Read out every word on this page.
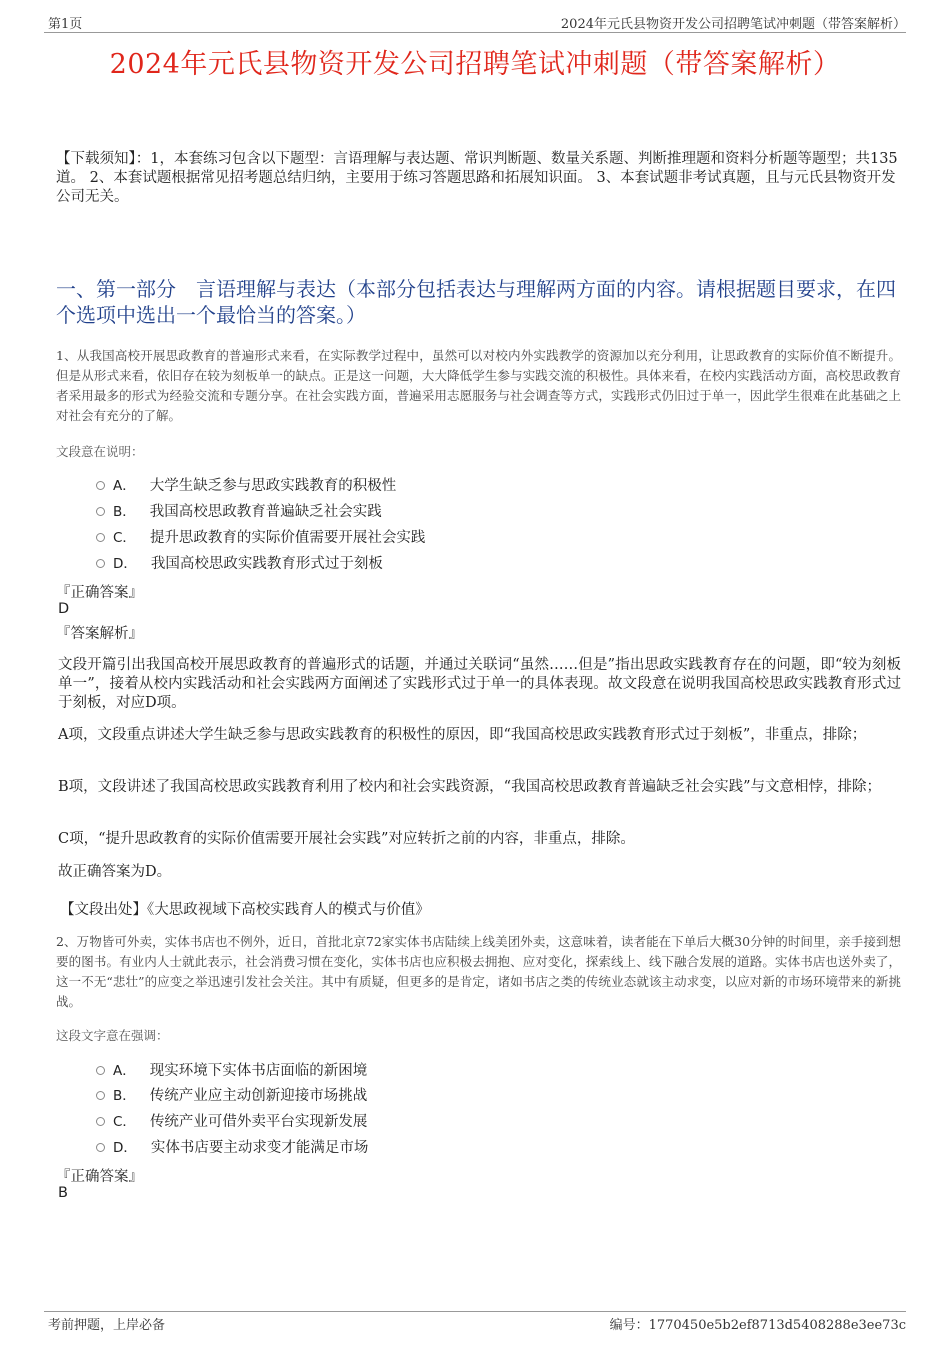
第1页	2024年元氏县物资开发公司招聘笔试冲刺题（带答案解析）
2024年元氏县物资开发公司招聘笔试冲刺题（带答案解析）
【下载须知】：1，本套练习包含以下题型：言语理解与表达题、常识判断题、数量关系题、判断推理题和资料分析题等题型；共135道。 2、本套试题根据常见招考题总结归纳，主要用于练习答题思路和拓展知识面。 3、本套试题非考试真题，且与元氏县物资开发公司无关。
一、第一部分　言语理解与表达（本部分包括表达与理解两方面的内容。请根据题目要求，在四个选项中选出一个最恰当的答案。）
1、从我国高校开展思政教育的普遍形式来看，在实际教学过程中，虽然可以对校内外实践教学的资源加以充分利用，让思政教育的实际价值不断提升。但是从形式来看，依旧存在较为刻板单一的缺点。正是这一问题，大大降低学生参与实践交流的积极性。具体来看，在校内实践活动方面，高校思政教育者采用最多的形式为经验交流和专题分享。在社会实践方面，普遍采用志愿服务与社会调查等方式，实践形式仍旧过于单一，因此学生很难在此基础之上对社会有充分的了解。
文段意在说明：
A． 大学生缺乏参与思政实践教育的积极性
B． 我国高校思政教育普遍缺乏社会实践
C． 提升思政教育的实际价值需要开展社会实践
D． 我国高校思政实践教育形式过于刻板
『正确答案』
D
『答案解析』
文段开篇引出我国高校开展思政教育的普遍形式的话题，并通过关联词“虽然……但是”指出思政实践教育存在的问题，即“较为刻板单一”，接着从校内实践活动和社会实践两方面阐述了实践形式过于单一的具体表现。故文段意在说明我国高校思政实践教育形式过于刻板，对应D项。
A项，文段重点讲述大学生缺乏参与思政实践教育的积极性的原因，即“我国高校思政实践教育形式过于刻板”，非重点，排除；
B项，文段讲述了我国高校思政实践教育利用了校内和社会实践资源，“我国高校思政教育普遍缺乏社会实践”与文意相悖，排除；
C项，“提升思政教育的实际价值需要开展社会实践”对应转折之前的内容，非重点，排除。
故正确答案为D。
【文段出处】《大思政视域下高校实践育人的模式与价值》
2、万物皆可外卖，实体书店也不例外，近日，首批北京72家实体书店陆续上线美团外卖，这意味着，读者能在下单后大概30分钟的时间里，亲手接到想要的图书。有业内人士就此表示，社会消费习惯在变化，实体书店也应积极去拥抱、应对变化，探索线上、线下融合发展的道路。实体书店也送外卖了，这一不无“悲壮”的应变之举迅速引发社会关注。其中有质疑，但更多的是肯定，诸如书店之类的传统业态就该主动求变，以应对新的市场环境带来的新挑战。
这段文字意在强调：
A． 现实环境下实体书店面临的新困境
B． 传统产业应主动创新迎接市场挑战
C． 传统产业可借外卖平台实现新发展
D． 实体书店要主动求变才能满足市场
『正确答案』
B
考前押题，上岸必备	编号：1770450e5b2ef8713d5408288e3ee73c
